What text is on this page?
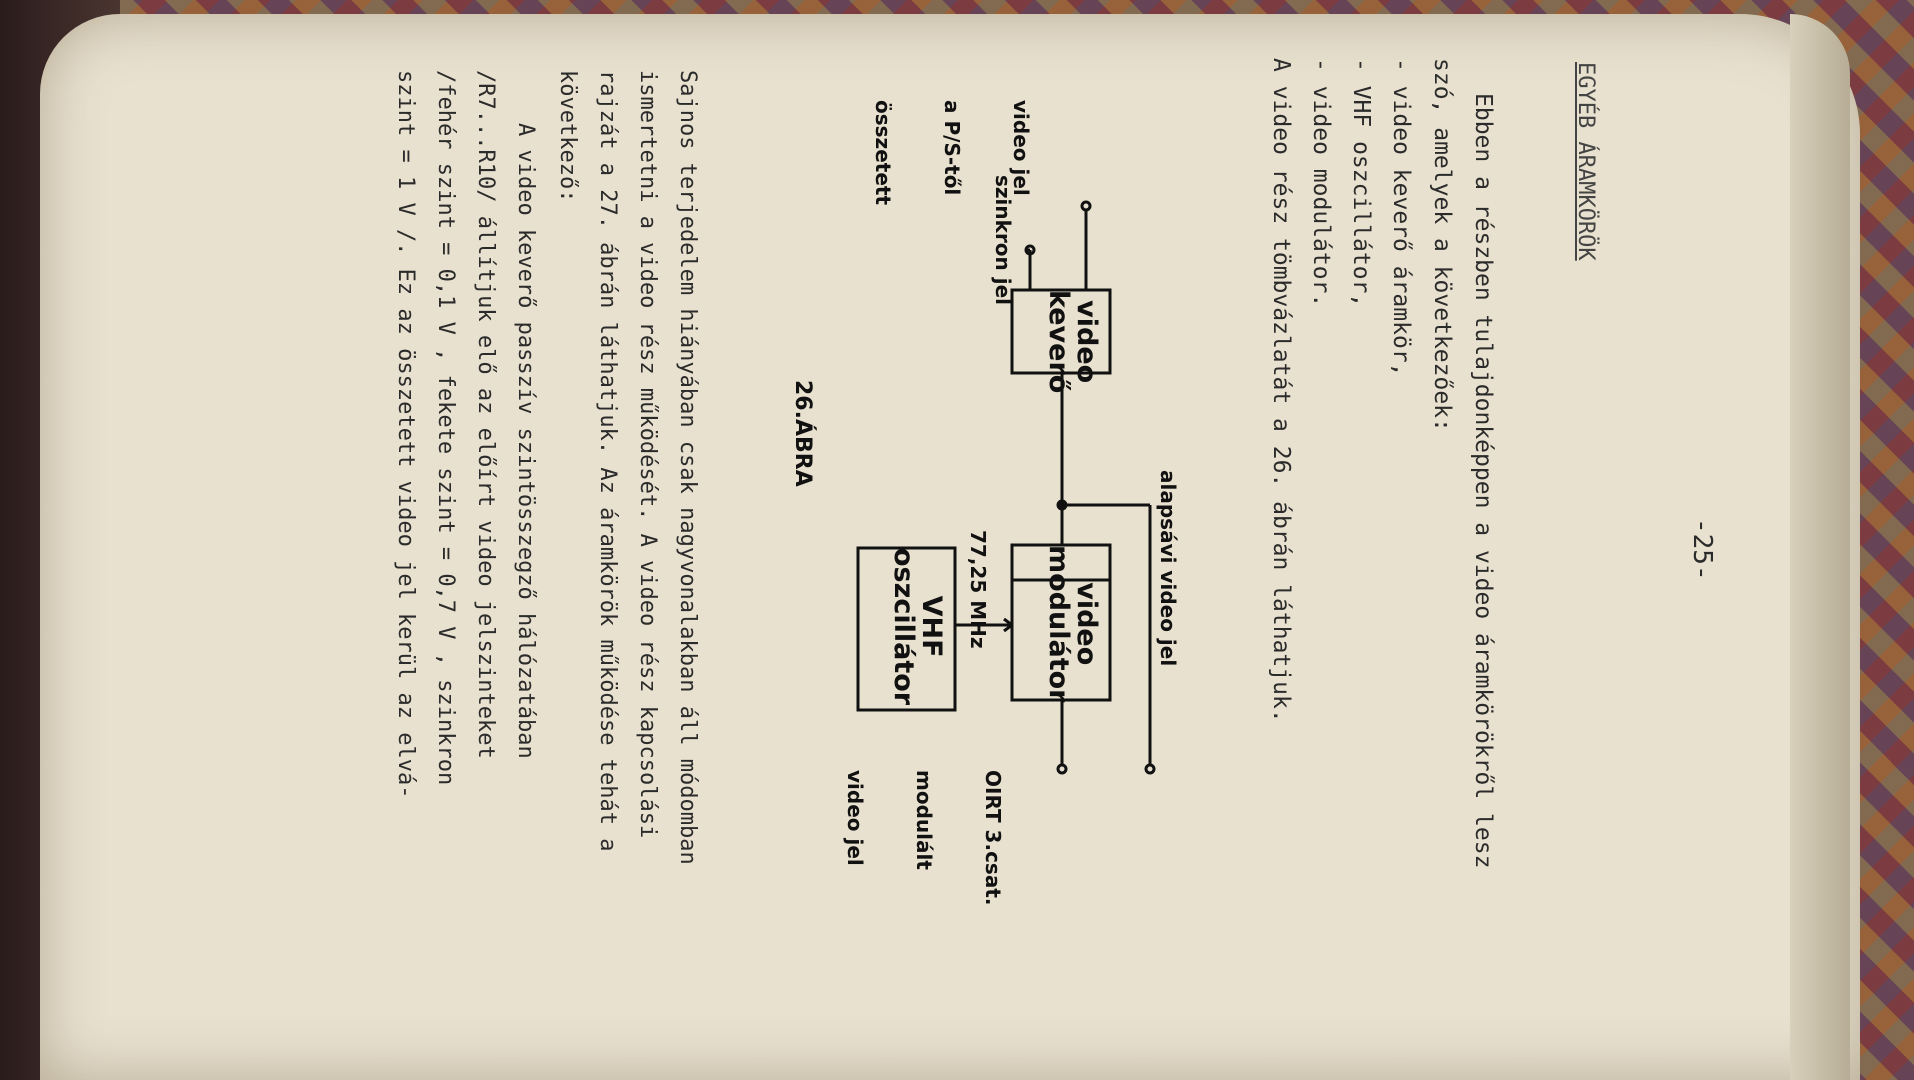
-25-
EGYÉB ÁRAMKÖRÖK
Ebben a részben tulajdonképpen a video áramkörökről lesz
szó, amelyek a következőek:
- video keverő áramkör,
- VHF oszcillátor,
- video modulátor.
A video rész tömbvázlatát a 26. ábrán láthatjuk.

video jel

a P/S-től

összetett

szinkron jel
video
keverő
video
modulátor
VHF
oszcillátor	alapsávi video jel
77,25 MHz

OIRT 3.csat.

modulált

video jel

26.ÁBRA
Sajnos terjedelem hiányában csak nagyvonalakban áll módomban
ismertetni a video rész működését. A video rész kapcsolási
rajzát a 27. ábrán láthatjuk. Az áramkörök működése tehát a
következő:
A video keverő passzív szintösszegző hálózatában
/R7...R10/ állítjuk elő az előírt video jelszinteket
/fehér szint = 0,1 V , fekete szint = 0,7 V , szinkron
szint = 1 V /. Ez az összetett video jel kerül az elvá-
